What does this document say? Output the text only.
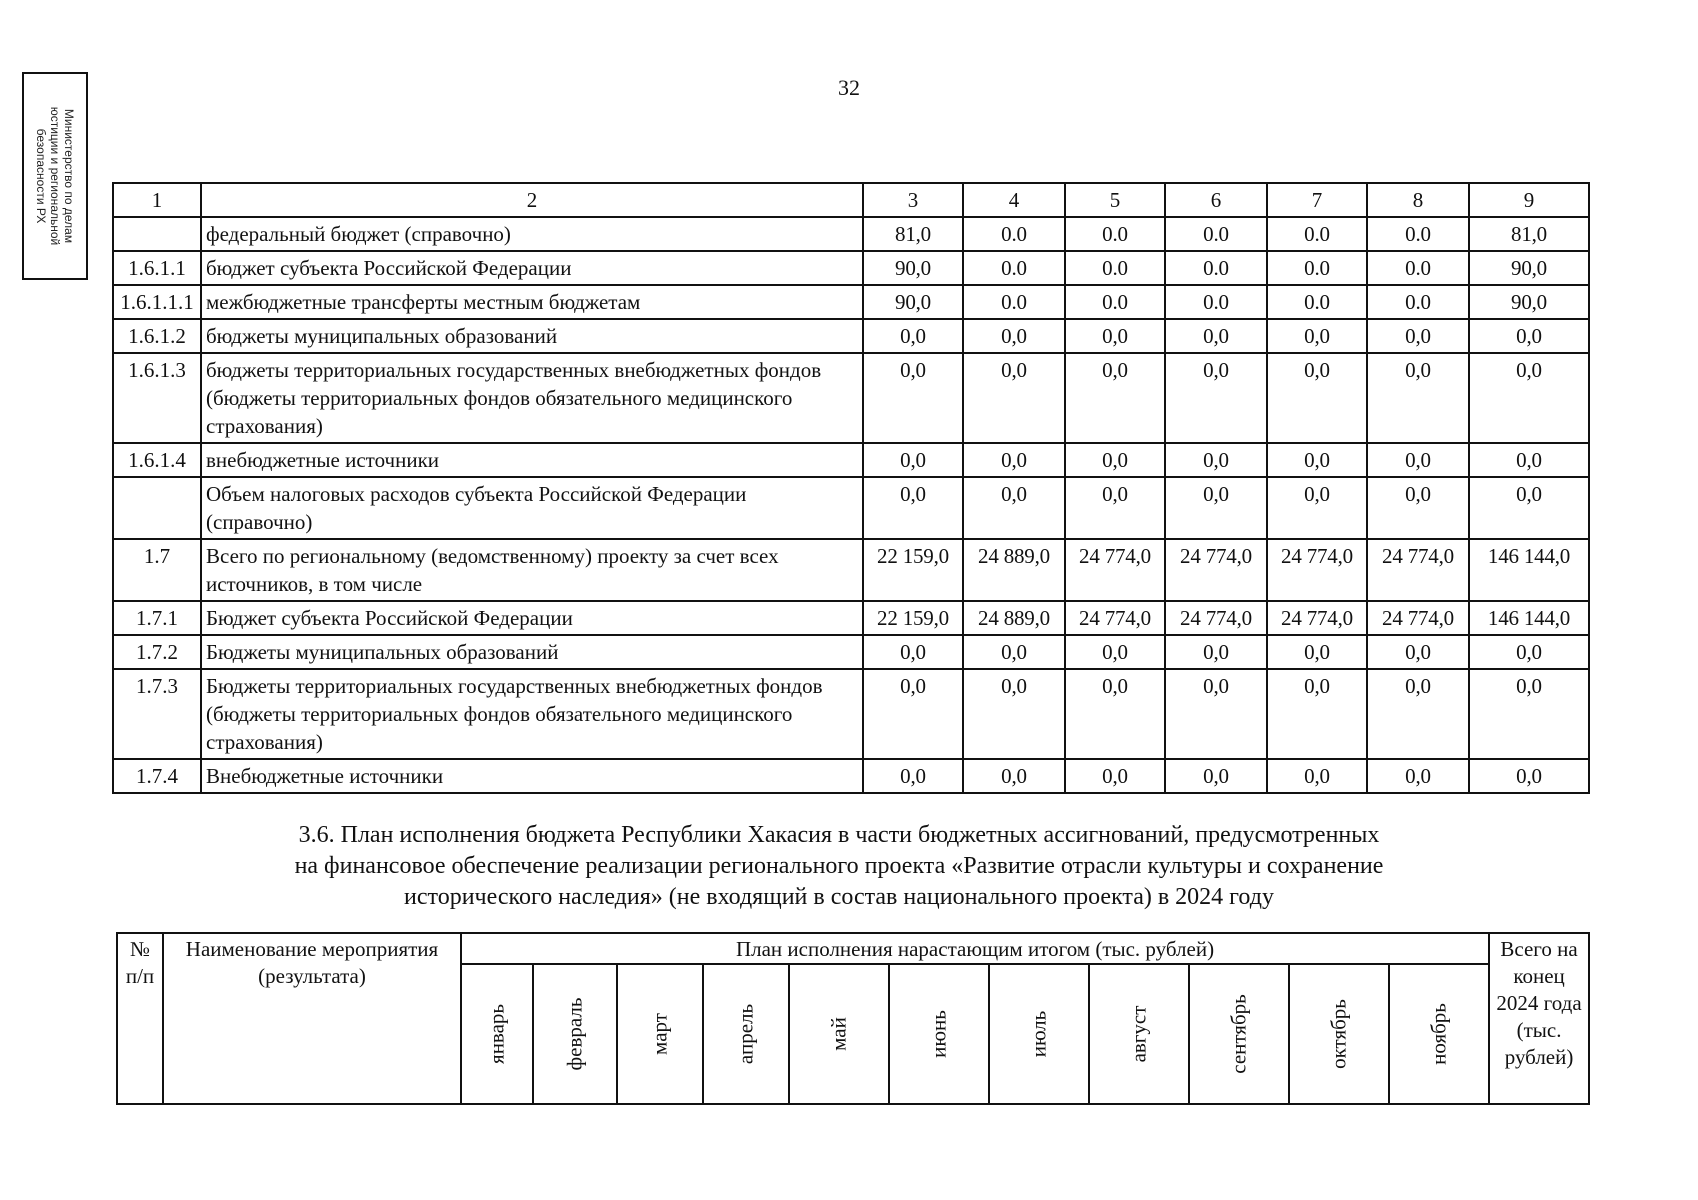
Министерство по делам
юстиции и региональной
безопасности РХ
32
1	2	3	4	5	6	7	8	9
	федеральный бюджет (справочно)	81,0	0.0	0.0	0.0	0.0	0.0	81,0
1.6.1.1	бюджет субъекта Российской Федерации	90,0	0.0	0.0	0.0	0.0	0.0	90,0
1.6.1.1.1	межбюджетные трансферты местным бюджетам	90,0	0.0	0.0	0.0	0.0	0.0	90,0
1.6.1.2	бюджеты муниципальных образований	0,0	0,0	0,0	0,0	0,0	0,0	0,0
1.6.1.3	бюджеты территориальных государственных внебюджетных фондов (бюджеты территориальных фондов обязательного медицинского страхования)	0,0	0,0	0,0	0,0	0,0	0,0	0,0
1.6.1.4	внебюджетные источники	0,0	0,0	0,0	0,0	0,0	0,0	0,0
	Объем налоговых расходов субъекта Российской Федерации (справочно)	0,0	0,0	0,0	0,0	0,0	0,0	0,0
1.7	Всего по региональному (ведомственному) проекту за счет всех источников, в том числе	22 159,0	24 889,0	24 774,0	24 774,0	24 774,0	24 774,0	146 144,0
1.7.1	Бюджет субъекта Российской Федерации	22 159,0	24 889,0	24 774,0	24 774,0	24 774,0	24 774,0	146 144,0
1.7.2	Бюджеты муниципальных образований	0,0	0,0	0,0	0,0	0,0	0,0	0,0
1.7.3	Бюджеты территориальных государственных внебюджетных фондов (бюджеты территориальных фондов обязательного медицинского страхования)	0,0	0,0	0,0	0,0	0,0	0,0	0,0
1.7.4	Внебюджетные источники	0,0	0,0	0,0	0,0	0,0	0,0	0,0
3.6. План исполнения бюджета Республики Хакасия в части бюджетных ассигнований, предусмотренных
на финансовое обеспечение реализации регионального проекта «Развитие отрасли культуры и сохранение
исторического наследия» (не входящий в состав национального проекта) в 2024 году
№ п/п	Наименование мероприятия (результата)	План исполнения нарастающим итогом (тыс. рублей)											Всего на конец 2024 года (тыс. рублей)

		январь	февраль	март	апрель	май	июнь	июль	август	сентябрь	октябрь	ноябрь	
